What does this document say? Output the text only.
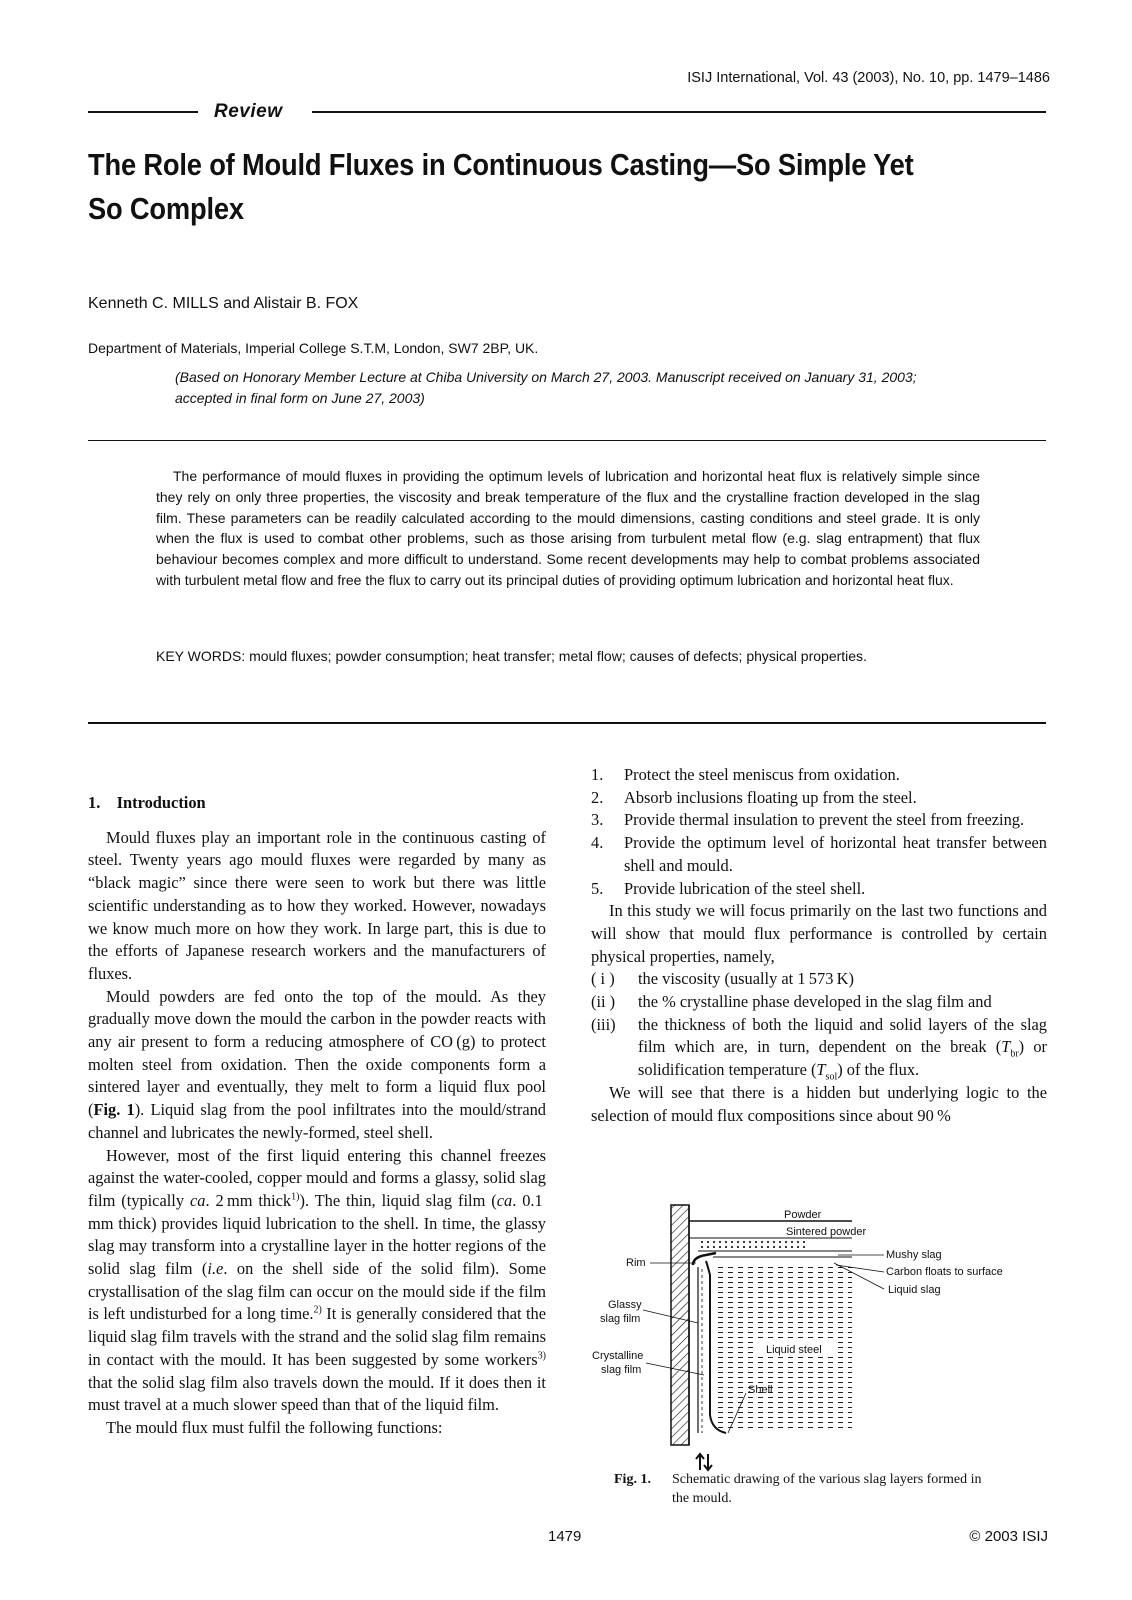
ISIJ International, Vol. 43 (2003), No. 10, pp. 1479–1486
Review
The Role of Mould Fluxes in Continuous Casting—So Simple Yet So Complex
Kenneth C. MILLS and Alistair B. FOX
Department of Materials, Imperial College S.T.M, London, SW7 2BP, UK.
(Based on Honorary Member Lecture at Chiba University on March 27, 2003. Manuscript received on January 31, 2003; accepted in final form on June 27, 2003)

The performance of mould fluxes in providing the optimum levels of lubrication and horizontal heat flux is relatively simple since they rely on only three properties, the viscosity and break temperature of the flux and the crystalline fraction developed in the slag film. These parameters can be readily calculated according to the mould dimensions, casting conditions and steel grade. It is only when the flux is used to combat other problems, such as those arising from turbulent metal flow (e.g. slag entrapment) that flux behaviour becomes complex and more difficult to understand. Some recent developments may help to combat problems associated with turbulent metal flow and free the flux to carry out its principal duties of providing optimum lubrication and horizontal heat flux.

KEY WORDS: mould fluxes; powder consumption; heat transfer; metal flow; causes of defects; physical properties.
1. Introduction

Mould fluxes play an important role in the continuous casting of steel. Twenty years ago mould fluxes were regarded by many as “black magic” since there were seen to work but there was little scientific understanding as to how they worked. However, nowadays we know much more on how they work. In large part, this is due to the efforts of Japanese research workers and the manufacturers of fluxes.

Mould powders are fed onto the top of the mould. As they gradually move down the mould the carbon in the powder reacts with any air present to form a reducing atmosphere of CO (g) to protect molten steel from oxidation. Then the oxide components form a sintered layer and eventually, they melt to form a liquid flux pool (Fig. 1). Liquid slag from the pool infiltrates into the mould/strand channel and lubricates the newly-formed, steel shell.

However, most of the first liquid entering this channel freezes against the water-cooled, copper mould and forms a glassy, solid slag film (typically ca. 2 mm thick$^{1)}$). The thin, liquid slag film (ca. 0.1 mm thick) provides liquid lubrication to the shell. In time, the glassy slag may transform into a crystalline layer in the hotter regions of the solid slag film (i.e. on the shell side of the solid film). Some crystallisation of the slag film can occur on the mould side if the film is left undisturbed for a long time.$^{2)}$ It is generally considered that the liquid slag film travels with the strand and the solid slag film remains in contact with the mould. It has been suggested by some workers$^{3)}$ that the solid slag film also travels down the mould. If it does then it must travel at a much slower speed than that of the liquid film.

The mould flux must fulfil the following functions:

1. Protect the steel meniscus from oxidation.
2. Absorb inclusions floating up from the steel.
3. Provide thermal insulation to prevent the steel from freezing.
4. Provide the optimum level of horizontal heat transfer between shell and mould.
5. Provide lubrication of the steel shell.

In this study we will focus primarily on the last two functions and will show that mould flux performance is controlled by certain physical properties, namely,

( i ) the viscosity (usually at 1 573 K)
(ii ) the % crystalline phase developed in the slag film and
(iii) the thickness of both the liquid and solid layers of the slag film which are, in turn, dependent on the break $(T_{br})$ or solidification temperature $(T_{sol})$ of the flux.

We will see that there is a hidden but underlying logic to the selection of mould flux compositions since about 90 %

Powder
Sintered powder
Mushy slag
Carbon floats to surface
Liquid slag
Rim
Glassy
slag film
Crystalline
slag film
Liquid steel
Shell
Fig. 1. Schematic drawing of the various slag layers formed in
the mould.
1479	© 2003 ISIJ
